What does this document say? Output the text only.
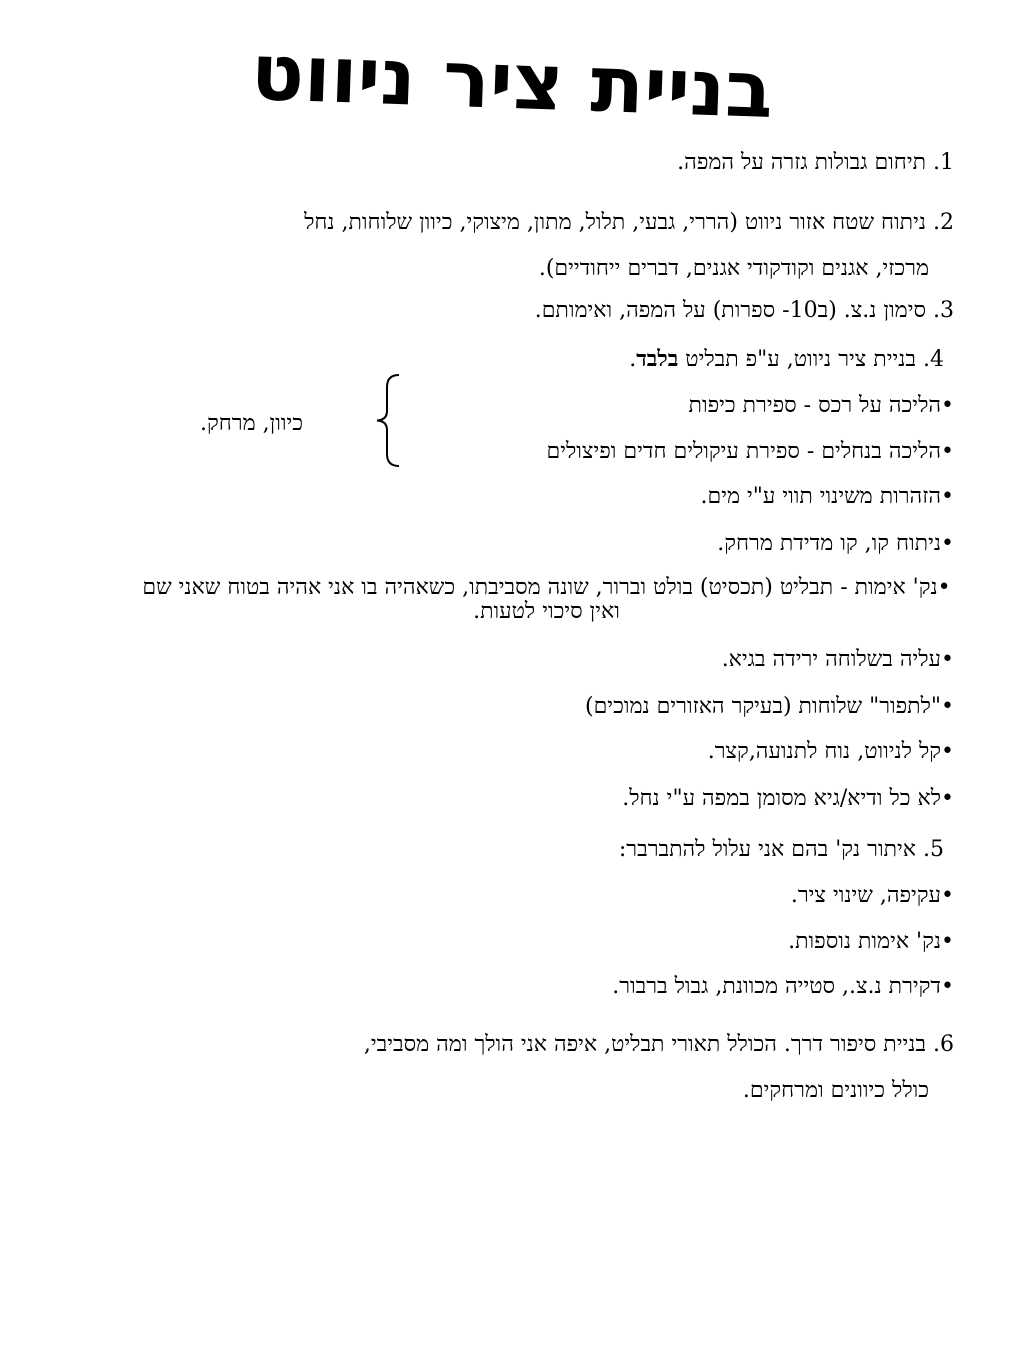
בניית ציר ניווט
1. תיחום גבולות גזרה על המפה.
2. ניתוח שטח אזור ניווט (הררי, גבעי, תלול, מתון, מיצוקי, כיוון שלוחות, נחל
מרכזי, אגנים וקודקודי אגנים, דברים ייחודיים).
3. סימון נ.צ. (ב10- ספרות) על המפה, ואימותם.
4. בניית ציר ניווט, ע"פ תבליט בלבד.
•הליכה על רכס - ספירת כיפות
•הליכה בנחלים - ספירת עיקולים חדים ופיצולים
כיוון, מרחק.
•הזהרות משינוי תווי ע"י מים.
•ניתוח קו, קו מדידת מרחק.
•נק' אימות - תבליט (תכסיט) בולט וברור, שונה מסביבתו, כשאהיה בו אני אהיה בטוח שאני שם ואין סיכוי לטעות.
•עליה בשלוחה ירידה בגיא.
•"לתפור" שלוחות (בעיקר האזורים נמוכים)
•קל לניווט, נוח לתנועה,קצר.
•לא כל ודיא/גיא מסומן במפה ע"י נחל.
5. איתור נק' בהם אני עלול להתברבר:
•עקיפה, שינוי ציר.
•נק' אימות נוספות.
•דקירת נ.צ., סטייה מכוונת, גבול ברבור.
6. בניית סיפור דרך. הכולל תאורי תבליט, איפה אני הולך ומה מסביבי,
כולל כיוונים ומרחקים.
